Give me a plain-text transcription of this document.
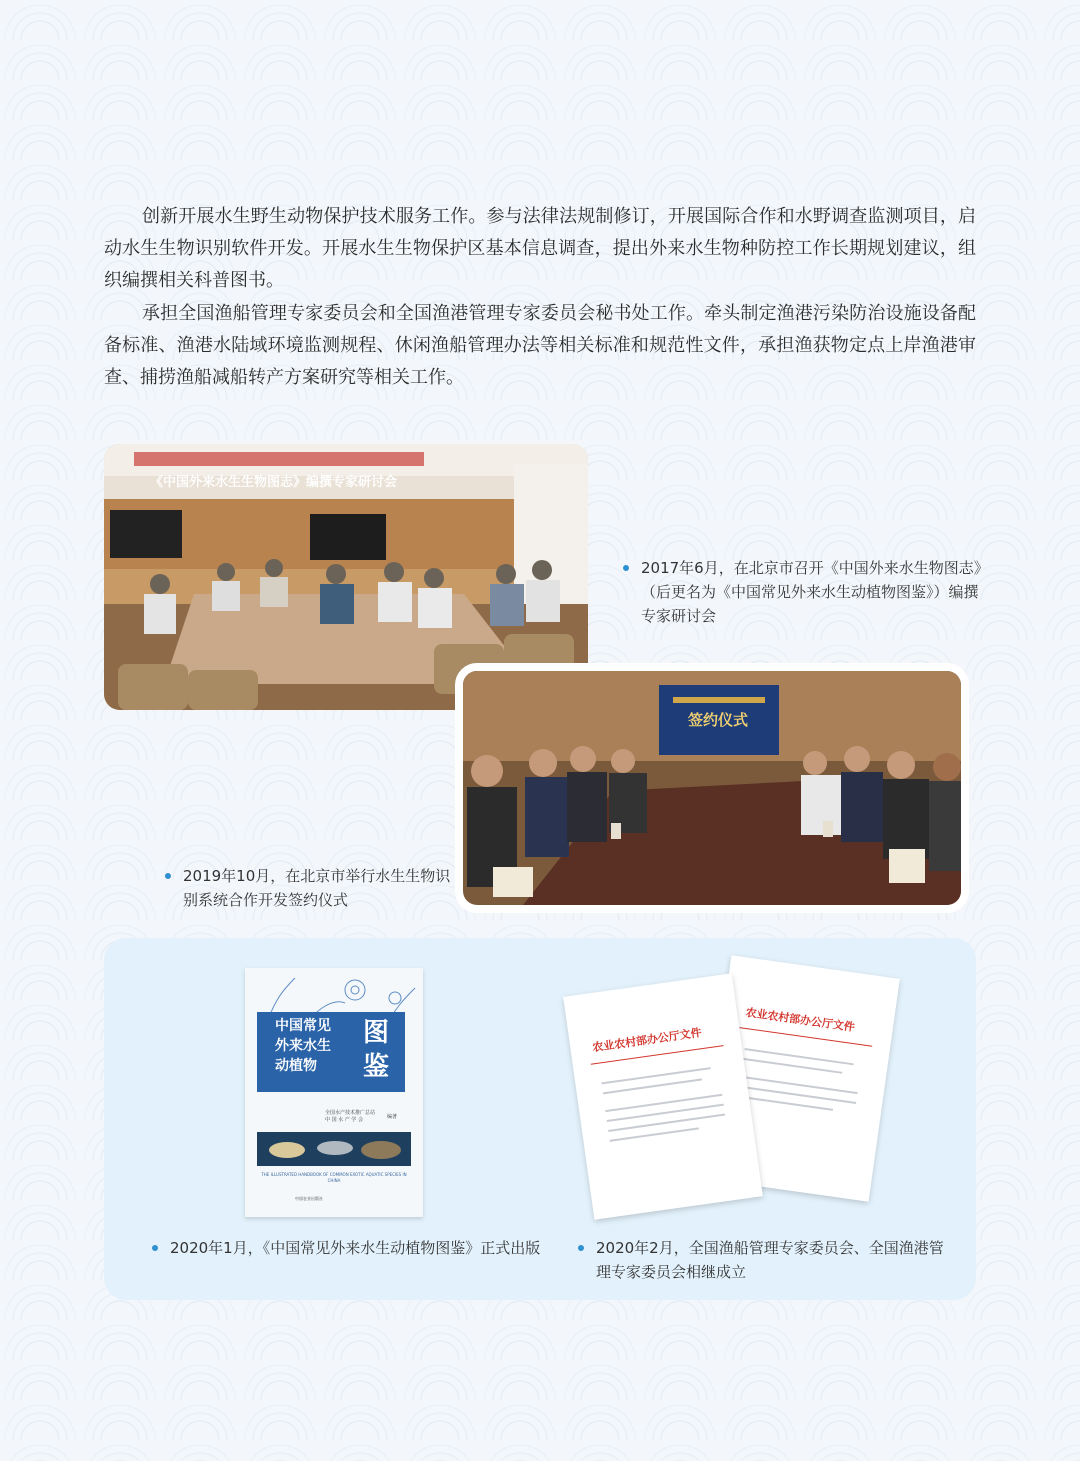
创新开展水生野生动物保护技术服务工作。参与法律法规制修订，开展国际合作和水野调查监测项目，启动水生生物识别软件开发。开展水生生物保护区基本信息调查，提出外来水生物种防控工作长期规划建议，组织编撰相关科普图书。

承担全国渔船管理专家委员会和全国渔港管理专家委员会秘书处工作。牵头制定渔港污染防治设施设备配备标准、渔港水陆域环境监测规程、休闲渔船管理办法等相关标准和规范性文件，承担渔获物定点上岸渔港审查、捕捞渔船减船转产方案研究等相关工作。

《中国外来水生生物图志》编撰专家研讨会

2017年6月，在北京市召开《中国外来水生物图志》（后更名为《中国常见外来水生动植物图鉴》）编撰专家研讨会

签约仪式

2019年10月，在北京市举行水生生物识别系统合作开发签约仪式

中国常见
外来水生
动植物
图
鉴
全国水产技术推广总站
中 国 水 产 学 会	编著
THE ILLUSTRATED HANDBOOK OF COMMON EXOTIC AQUATIC SPECIES IN CHINA
中国农业出版社
农业农村部办公厅文件
农业农村部办公厅文件

2020年1月，《中国常见外来水生动植物图鉴》正式出版	2020年2月，全国渔船管理专家委员会、全国渔港管理专家委员会相继成立
